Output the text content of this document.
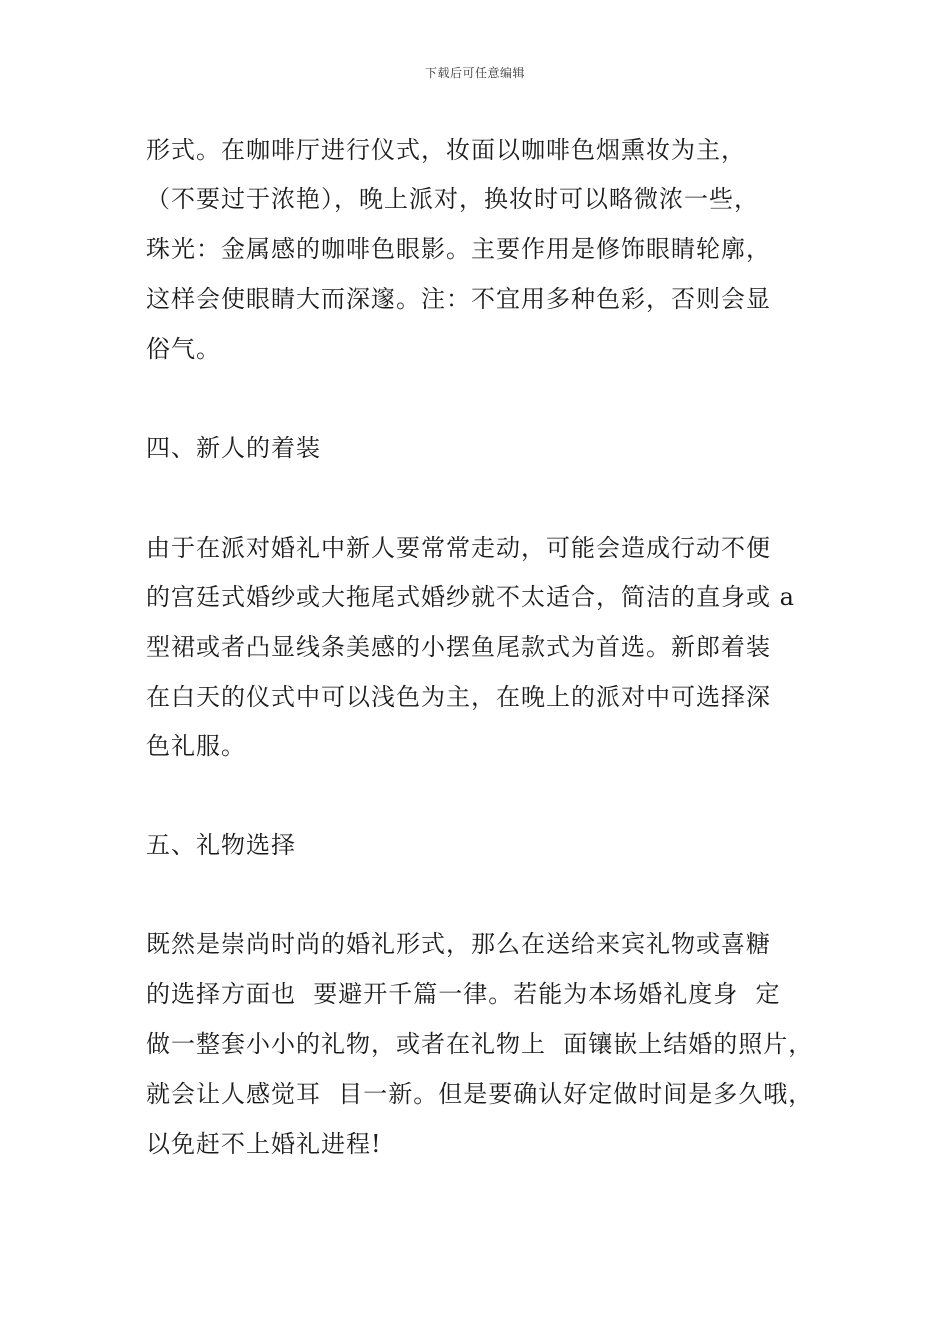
下载后可任意编辑
形式。在咖啡厅进行仪式，妆面以咖啡色烟熏妆为主，
（不要过于浓艳），晚上派对，换妆时可以略微浓一些，
珠光：金属感的咖啡色眼影。主要作用是修饰眼睛轮廓，
这样会使眼睛大而深邃。注：不宜用多种色彩，否则会显
俗气。
四、新人的着装
由于在派对婚礼中新人要常常走动，可能会造成行动不便
的宫廷式婚纱或大拖尾式婚纱就不太适合，简洁的直身或 a
型裙或者凸显线条美感的小摆鱼尾款式为首选。新郎着装
在白天的仪式中可以浅色为主，在晚上的派对中可选择深
色礼服。
五、礼物选择
既然是崇尚时尚的婚礼形式，那么在送给来宾礼物或喜糖
的选择方面也  要避开千篇一律。若能为本场婚礼度身  定
做一整套小小的礼物，或者在礼物上  面镶嵌上结婚的照片，
就会让人感觉耳  目一新。但是要确认好定做时间是多久哦，
以免赶不上婚礼进程!
